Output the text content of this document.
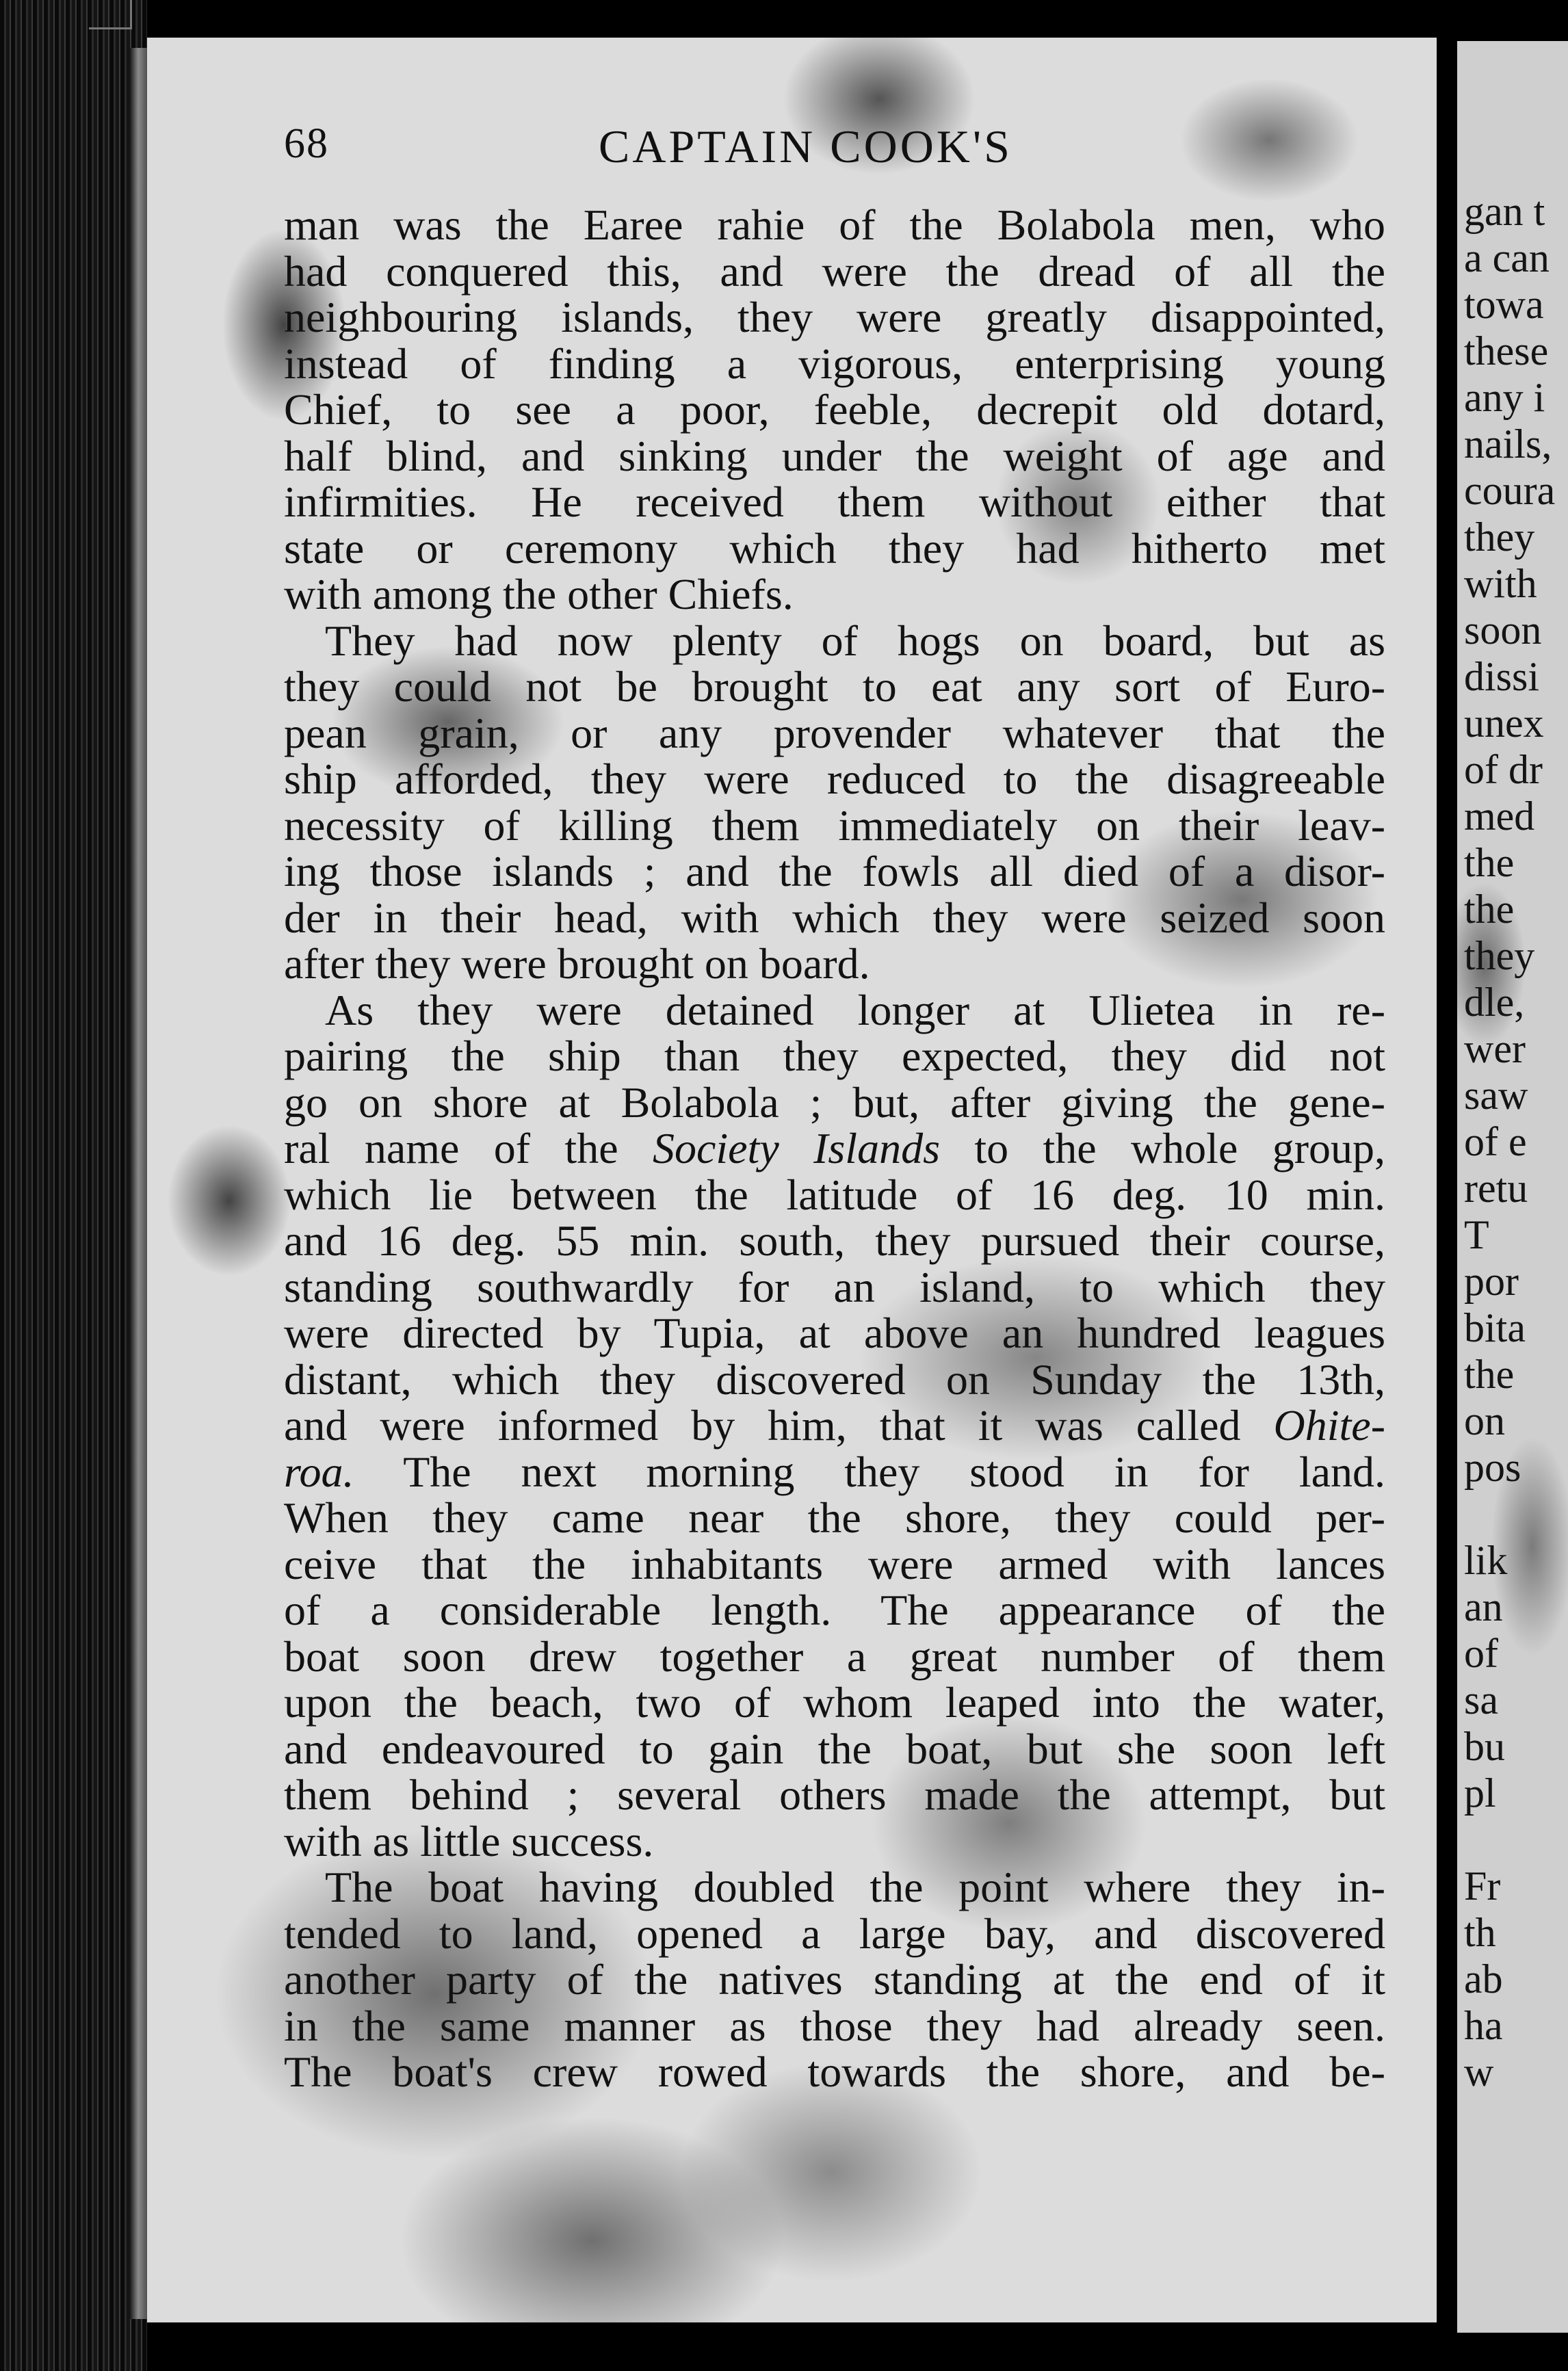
68	CAPTAIN COOK'S
man was the Earee rahie of the Bolabola men, who
had conquered this, and were the dread of all the
neighbouring islands, they were greatly disappointed,
instead of finding a vigorous, enterprising young
Chief, to see a poor, feeble, decrepit old dotard,
half blind, and sinking under the weight of age and
infirmities. He received them without either that
state or ceremony which they had hitherto met
with among the other Chiefs.
They had now plenty of hogs on board, but as
they could not be brought to eat any sort of Euro-
pean grain, or any provender whatever that the
ship afforded, they were reduced to the disagreeable
necessity of killing them immediately on their leav-
ing those islands ; and the fowls all died of a disor-
der in their head, with which they were seized soon
after they were brought on board.
As they were detained longer at Ulietea in re-
pairing the ship than they expected, they did not
go on shore at Bolabola ; but, after giving the gene-
ral name of the Society Islands to the whole group,
which lie between the latitude of 16 deg. 10 min.
and 16 deg. 55 min. south, they pursued their course,
standing southwardly for an island, to which they
were directed by Tupia, at above an hundred leagues
distant, which they discovered on Sunday the 13th,
and were informed by him, that it was called Ohite-
roa. The next morning they stood in for land.
When they came near the shore, they could per-
ceive that the inhabitants were armed with lances
of a considerable length. The appearance of the
boat soon drew together a great number of them
upon the beach, two of whom leaped into the water,
and endeavoured to gain the boat, but she soon left
them behind ; several others made the attempt, but
with as little success.
The boat having doubled the point where they in-
tended to land, opened a large bay, and discovered
another party of the natives standing at the end of it
in the same manner as those they had already seen.
The boat's crew rowed towards the shore, and be-
gan t
a can
towa
these
any i
nails,
coura
they
with
soon
dissi
unex
of dr
med
the
the
they
dle,
wer
saw
of e
retu
T
por
bita
the
on
pos
lik
an
of
sa
bu
pl
Fr
th
ab
ha
w
